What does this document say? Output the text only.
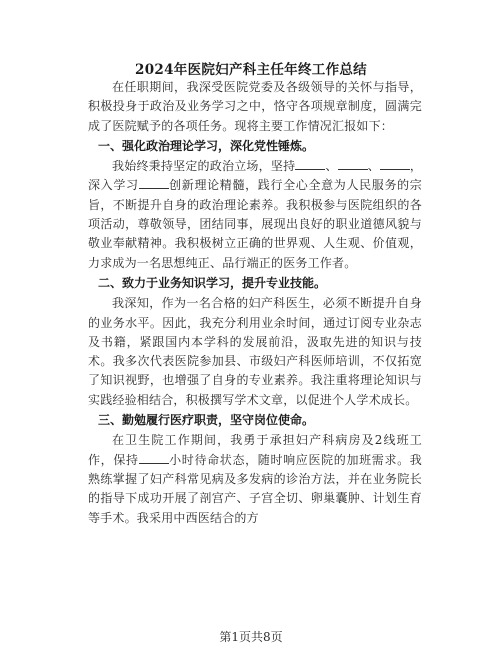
2024年医院妇产科主任年终工作总结

在任职期间，我深受医院党委及各级领导的关怀与指导，积极投身于政治及业务学习之中，恪守各项规章制度，圆满完成了医院赋予的各项任务。现将主要工作情况汇报如下：

一、强化政治理论学习，深化党性锤炼。

我始终秉持坚定的政治立场，坚持	、	、	，深入学习	创新理论精髓，践行全心全意为人民服务的宗旨，不断提升自身的政治理论素养。我积极参与医院组织的各项活动，尊敬领导，团结同事，展现出良好的职业道德风貌与敬业奉献精神。我积极树立正确的世界观、人生观、价值观，力求成为一名思想纯正、品行端正的医务工作者。

二、致力于业务知识学习，提升专业技能。

我深知，作为一名合格的妇产科医生，必须不断提升自身的业务水平。因此，我充分利用业余时间，通过订阅专业杂志及书籍，紧跟国内本学科的发展前沿，汲取先进的知识与技术。我多次代表医院参加县、市级妇产科医师培训，不仅拓宽了知识视野，也增强了自身的专业素养。我注重将理论知识与实践经验相结合，积极撰写学术文章，以促进个人学术成长。

三、勤勉履行医疗职责，坚守岗位使命。

在卫生院工作期间，我勇于承担妇产科病房及2线班工作，保持	小时待命状态，随时响应医院的加班需求。我熟练掌握了妇产科常见病及多发病的诊治方法，并在业务院长的指导下成功开展了剖宫产、子宫全切、卵巢囊肿、计划生育等手术。我采用中西医结合的方

第1页共8页
